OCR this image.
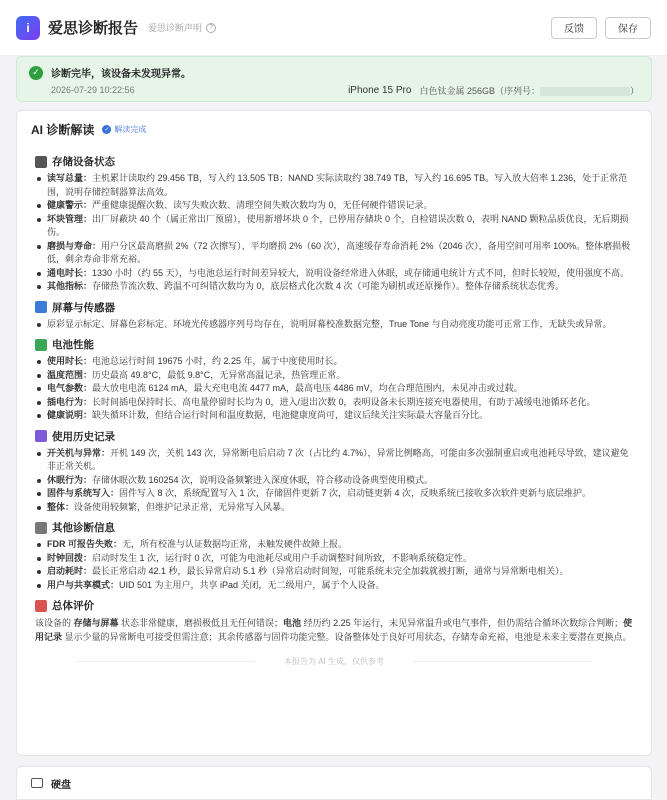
i	爱思诊断报告 爱思诊断声明	?	反馈	保存
✓	诊断完毕，该设备未发现异常。
2026-07-29 10:22:56	iPhone 15 Pro 白色钛金属 256GB（序列号：	）
AI 诊断解读	✓ 解读完成
存储设备状态
读写总量：主机累计读取约 29.456 TB，写入约 13.505 TB；NAND 实际读取约 38.749 TB，写入约 16.695 TB。写入放大倍率 1.236，处于正常范围，说明存储控制器算法高效。
健康警示：严重健康提醒次数、读写失败次数、清理空间失败次数均为 0，无任何硬件错误记录。
坏块管理：出厂屏蔽块 40 个（属正常出厂预留），使用新增坏块 0 个，已停用存储块 0 个，自检错误次数 0，表明 NAND 颗粒品质优良，无后期损伤。
磨损与寿命：用户分区最高磨损 2%（72 次擦写）、平均磨损 2%（60 次），高速缓存寿命消耗 2%（2046 次），备用空间可用率 100%。整体磨损极低，剩余寿命非常充裕。
通电时长：1330 小时（约 55 天），与电池总运行时间差异较大，说明设备经常进入休眠，或存储通电统计方式不同，但时长较短，使用强度不高。
其他指标：存储热节流次数、跨温不可纠错次数均为 0，底层格式化次数 4 次（可能为刷机或还原操作）。整体存储系统状态优秀。
屏幕与传感器
原彩显示标定、屏幕色彩标定、环境光传感器序列号均存在，说明屏幕校准数据完整，True Tone 与自动亮度功能可正常工作，无缺失或异常。
电池性能
使用时长：电池总运行时间 19675 小时，约 2.25 年，属于中度使用时长。
温度范围：历史最高 49.8°C，最低 9.8°C，无异常高温记录，热管理正常。
电气参数：最大放电电流 6124 mA，最大充电电流 4477 mA，最高电压 4486 mV，均在合理范围内，未见冲击或过载。
插电行为：长时间插电保持时长、高电量停留时长均为 0，进入/退出次数 0，表明设备未长期连接充电器使用，有助于减缓电池循环老化。
健康说明：缺失循环计数，但结合运行时间和温度数据，电池健康度尚可，建议后续关注实际最大容量百分比。
使用历史记录
开关机与异常：开机 149 次，关机 143 次，异常断电后启动 7 次（占比约 4.7%），异常比例略高，可能由多次强制重启或电池耗尽导致，建议避免非正常关机。
休眠行为：存储休眠次数 160254 次，说明设备频繁进入深度休眠，符合移动设备典型使用模式。
固件与系统写入：固件写入 8 次，系统配置写入 1 次，存储固件更新 7 次，启动链更新 4 次，反映系统已接收多次软件更新与底层维护。
整体：设备使用较频繁，但维护记录正常，无异常写入风暴。
其他诊断信息
FDR 可报告失败：无，所有校准与认证数据均正常，未触发硬件故障上报。
时钟回拨：启动时发生 1 次，运行时 0 次，可能为电池耗尽或用户手动调整时间所致，不影响系统稳定性。
启动耗时：最长正常启动 42.1 秒，最长异常启动 5.1 秒（异常启动时间短，可能系统未完全加载就被打断，通常与异常断电相关）。
用户与共享模式：UID 501 为主用户，共享 iPad 关闭，无二级用户，属于个人设备。
总体评价
该设备的 存储与屏幕 状态非常健康，磨损极低且无任何错误；电池 经历约 2.25 年运行，未见异常温升或电气事件，但仍需结合循环次数综合判断；使用记录 显示少量的异常断电可接受但需注意；其余传感器与固件功能完整。设备整体处于良好可用状态，存储寿命充裕，电池是未来主要潜在更换点。
本报告为 AI 生成，仅供参考
硬盘
